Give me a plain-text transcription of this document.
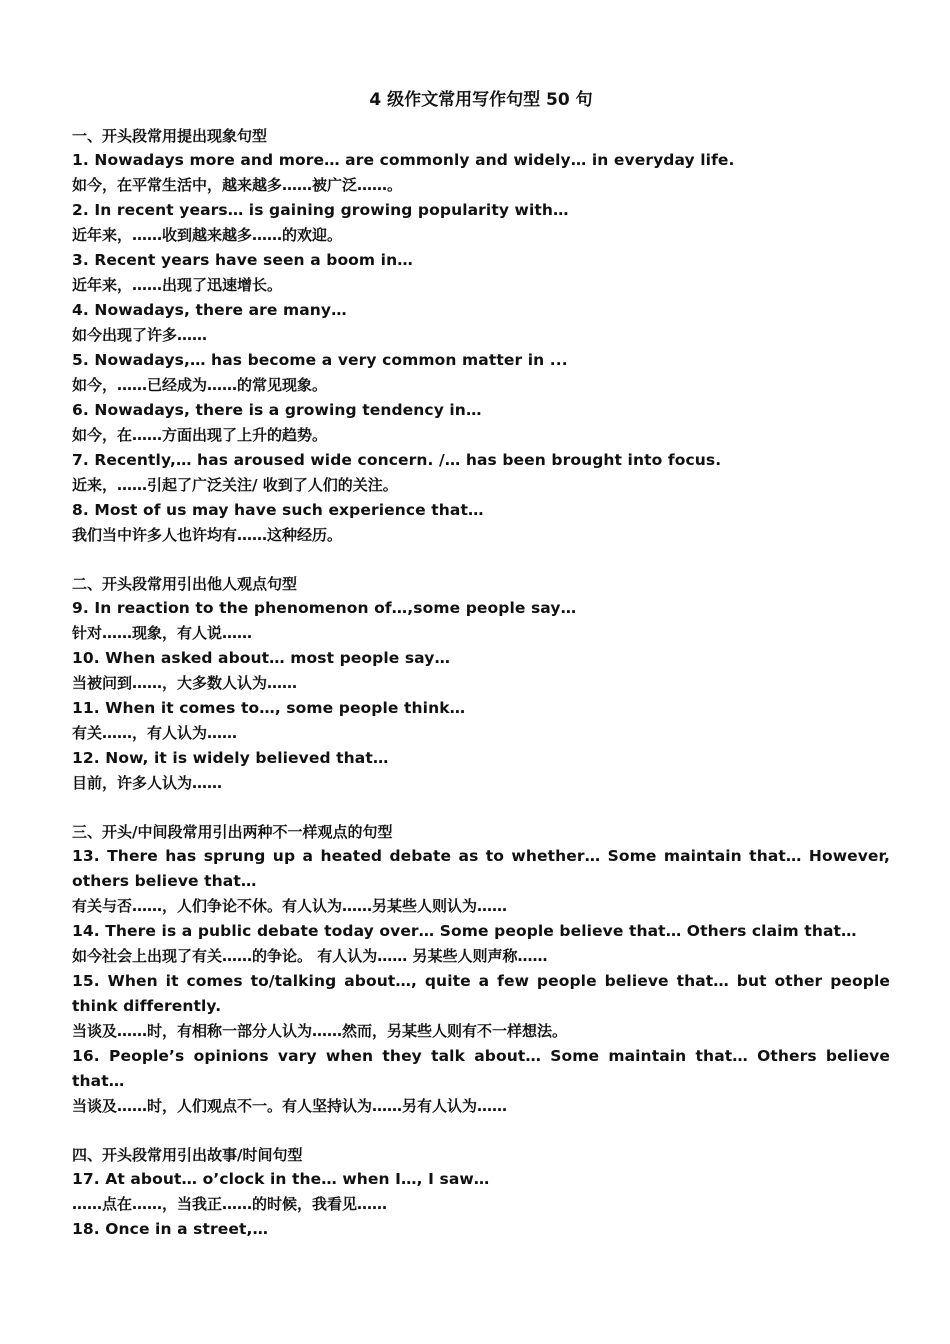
4 级作文常用写作句型 50 句

一、开头段常用提出现象句型

1. Nowadays more and more… are commonly and widely… in everyday life.

如今，在平常生活中，越来越多……被广泛……。

2. In recent years… is gaining growing popularity with…

近年来，……收到越来越多……的欢迎。

3. Recent years have seen a boom in…

近年来，……出现了迅速增长。

4. Nowadays, there are many…

如今出现了许多……

5. Nowadays,… has become a very common matter in ...

如今，……已经成为……的常见现象。

6. Nowadays, there is a growing tendency in…

如今，在……方面出现了上升的趋势。

7. Recently,… has aroused wide concern. /… has been brought into focus.

近来，……引起了广泛关注/ 收到了人们的关注。

8. Most of us may have such experience that…

我们当中许多人也许均有……这种经历。

二、开头段常用引出他人观点句型

9. In reaction to the phenomenon of…,some people say…

针对……现象，有人说……

10. When asked about… most people say…

当被问到……，大多数人认为……

11. When it comes to…, some people think…

有关……，有人认为……

12. Now, it is widely believed that…

目前，许多人认为……

三、开头/中间段常用引出两种不一样观点的句型

13. There has sprung up a heated debate as to whether… Some maintain that… However, others believe that…

有关与否……，人们争论不休。有人认为……另某些人则认为……

14. There is a public debate today over… Some people believe that… Others claim that…

如今社会上出现了有关……的争论。 有人认为…… 另某些人则声称……

15. When it comes to/talking about…, quite a few people believe that… but other people think differently.

当谈及……时，有相称一部分人认为……然而，另某些人则有不一样想法。

16. People’s opinions vary when they talk about… Some maintain that… Others believe that…

当谈及……时，人们观点不一。有人坚持认为……另有人认为……

四、开头段常用引出故事/时间句型

17. At about… o’clock in the… when I…, I saw…

……点在……，当我正……的时候，我看见……

18. Once in a street,…
